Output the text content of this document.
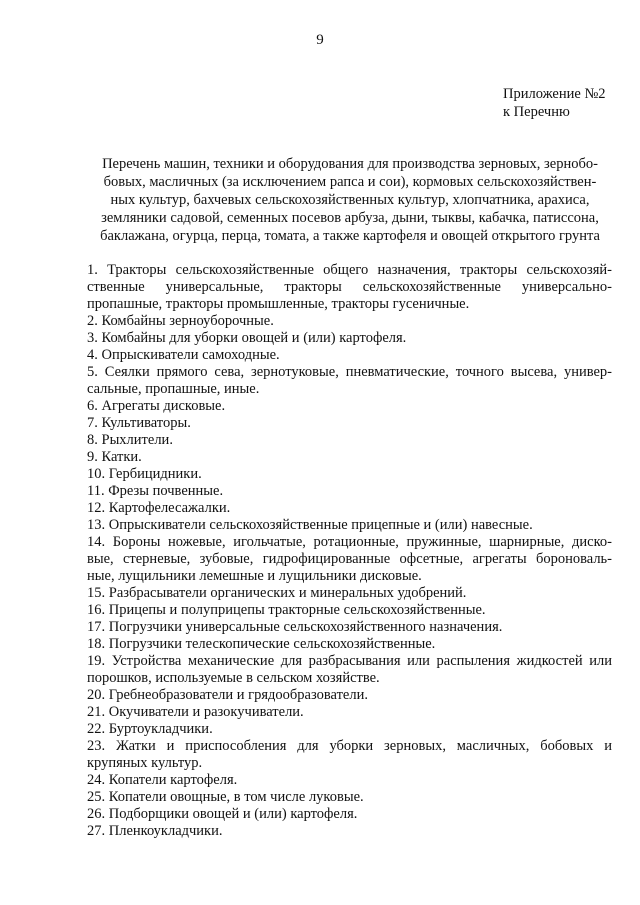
9
Приложение №2
к Перечню
Перечень машин, техники и оборудования для производства зерновых, зернобо-
бовых, масличных (за исключением рапса и сои), кормовых сельскохозяйствен-
ных культур, бахчевых сельскохозяйственных культур, хлопчатника, арахиса,
земляники садовой, семенных посевов арбуза, дыни, тыквы, кабачка, патиссона,
баклажана, огурца, перца, томата, а также картофеля и овощей открытого грунта
1. Тракторы сельскохозяйственные общего назначения, тракторы сельскохозяй-
ственные универсальные, тракторы сельскохозяйственные универсально-
пропашные, тракторы промышленные, тракторы гусеничные.
2. Комбайны зерноуборочные.
3. Комбайны для уборки овощей и (или) картофеля.
4. Опрыскиватели самоходные.
5. Сеялки прямого сева, зернотуковые, пневматические, точного высева, универ-
сальные, пропашные, иные.
6. Агрегаты дисковые.
7. Культиваторы.
8. Рыхлители.
9. Катки.
10. Гербицидники.
11. Фрезы почвенные.
12. Картофелесажалки.
13. Опрыскиватели сельскохозяйственные прицепные и (или) навесные.
14. Бороны ножевые, игольчатые, ротационные, пружинные, шарнирные, диско-
вые, стерневые, зубовые, гидрофицированные офсетные, агрегаты бороноваль-
ные, лущильники лемешные и лущильники дисковые.
15. Разбрасыватели органических и минеральных удобрений.
16. Прицепы и полуприцепы тракторные сельскохозяйственные.
17. Погрузчики универсальные сельскохозяйственного назначения.
18. Погрузчики телескопические сельскохозяйственные.
19. Устройства механические для разбрасывания или распыления жидкостей или
порошков, используемые в сельском хозяйстве.
20. Гребнеобразователи и грядообразователи.
21. Окучиватели и разокучиватели.
22. Буртоукладчики.
23. Жатки и приспособления для уборки зерновых, масличных, бобовых и
крупяных культур.
24. Копатели картофеля.
25. Копатели овощные, в том числе луковые.
26. Подборщики овощей и (или) картофеля.
27. Пленкоукладчики.
